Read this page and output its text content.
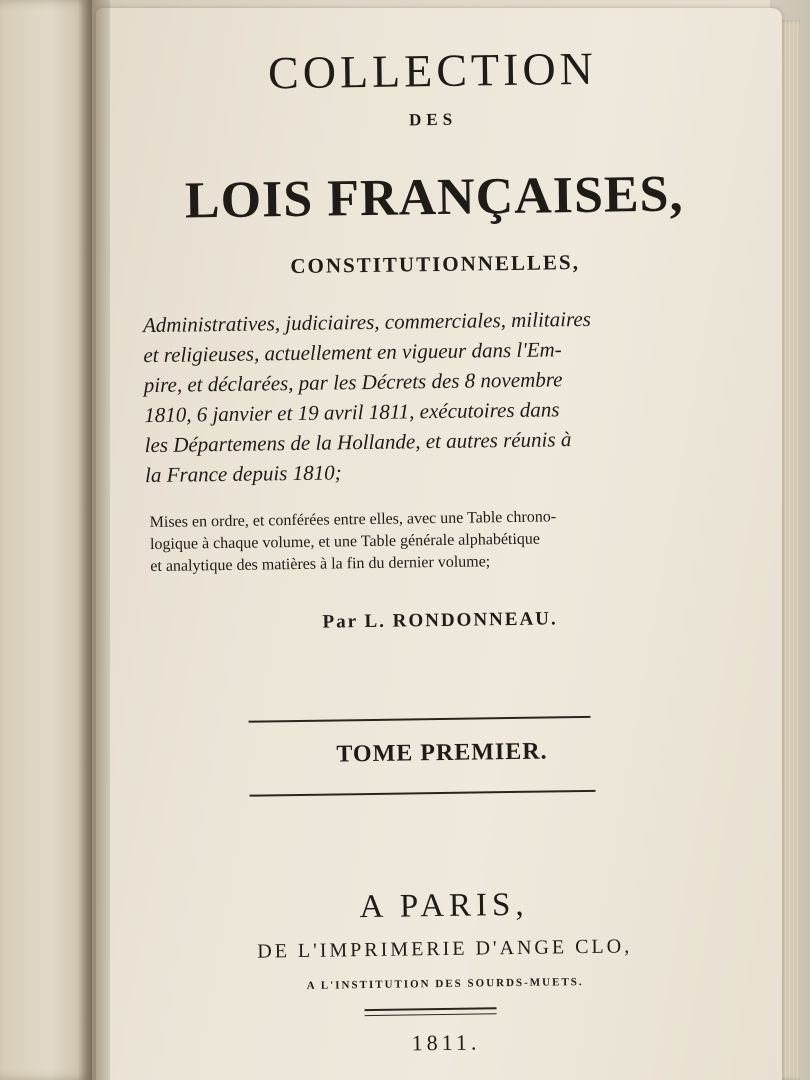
COLLECTION
DES
LOIS FRANÇAISES,
CONSTITUTIONNELLES,
Administratives, judiciaires, commerciales, militaires
et religieuses, actuellement en vigueur dans l'Em-
pire, et déclarées, par les Décrets des 8 novembre
1810, 6 janvier et 19 avril 1811, exécutoires dans
les Départemens de la Hollande, et autres réunis à
la France depuis 1810;
Mises en ordre, et conférées entre elles, avec une Table chrono-
logique à chaque volume, et une Table générale alphabétique
et analytique des matières à la fin du dernier volume;
Par L. RONDONNEAU.
TOME PREMIER.
A PARIS,
DE L'IMPRIMERIE D'ANGE CLO,
A L'INSTITUTION DES SOURDS-MUETS.
1811.
